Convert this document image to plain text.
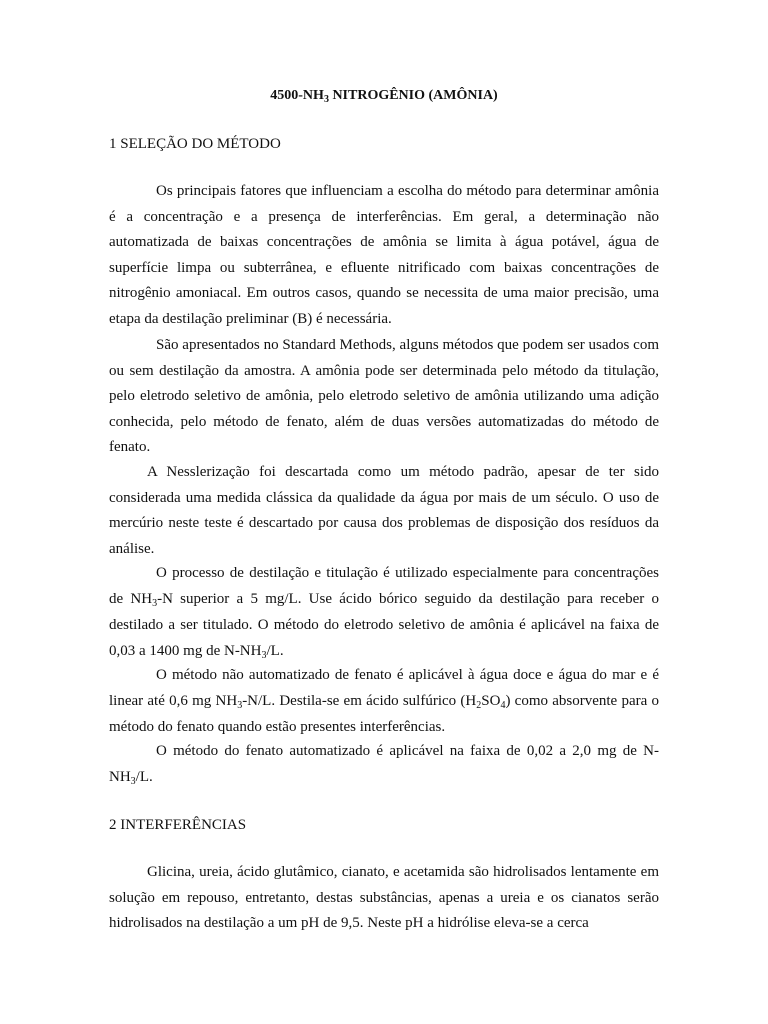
$4500-NH_3$ NITROGÊNIO (AMÔNIA)
1 SELEÇÃO DO MÉTODO
Os principais fatores que influenciam a escolha do método para determinar amônia é a concentração e a presença de interferências. Em geral, a determinação não automatizada de baixas concentrações de amônia se limita à água potável, água de superfície limpa ou subterrânea, e efluente nitrificado com baixas concentrações de nitrogênio amoniacal. Em outros casos, quando se necessita de uma maior precisão, uma etapa da destilação preliminar (B) é necessária.
São apresentados no Standard Methods, alguns métodos que podem ser usados com ou sem destilação da amostra. A amônia pode ser determinada pelo método da titulação, pelo eletrodo seletivo de amônia, pelo eletrodo seletivo de amônia utilizando uma adição conhecida, pelo método de fenato, além de duas versões automatizadas do método de fenato.
A Nesslerização foi descartada como um método padrão, apesar de ter sido considerada uma medida clássica da qualidade da água por mais de um século. O uso de mercúrio neste teste é descartado por causa dos problemas de disposição dos resíduos da análise.
O processo de destilação e titulação é utilizado especialmente para concentrações de $NH_3-N$ superior a 5 mg/L. Use ácido bórico seguido da destilação para receber o destilado a ser titulado. O método do eletrodo seletivo de amônia é aplicável na faixa de 0,03 a 1400 mg de $N-NH_3/L$.
O método não automatizado de fenato é aplicável à água doce e água do mar e é linear até 0,6 mg $NH_3-N/L$. Destila-se em ácido sulfúrico $(H_2SO_4)$ como absorvente para o método do fenato quando estão presentes interferências.
O método do fenato automatizado é aplicável na faixa de 0,02 a 2,0 mg de $N-NH_3/L$.
2 INTERFERÊNCIAS
Glicina, ureia, ácido glutâmico, cianato, e acetamida são hidrolisados lentamente em solução em repouso, entretanto, destas substâncias, apenas a ureia e os cianatos serão hidrolisados na destilação a um pH de 9,5. Neste pH a hidrólise eleva-se a cerca
